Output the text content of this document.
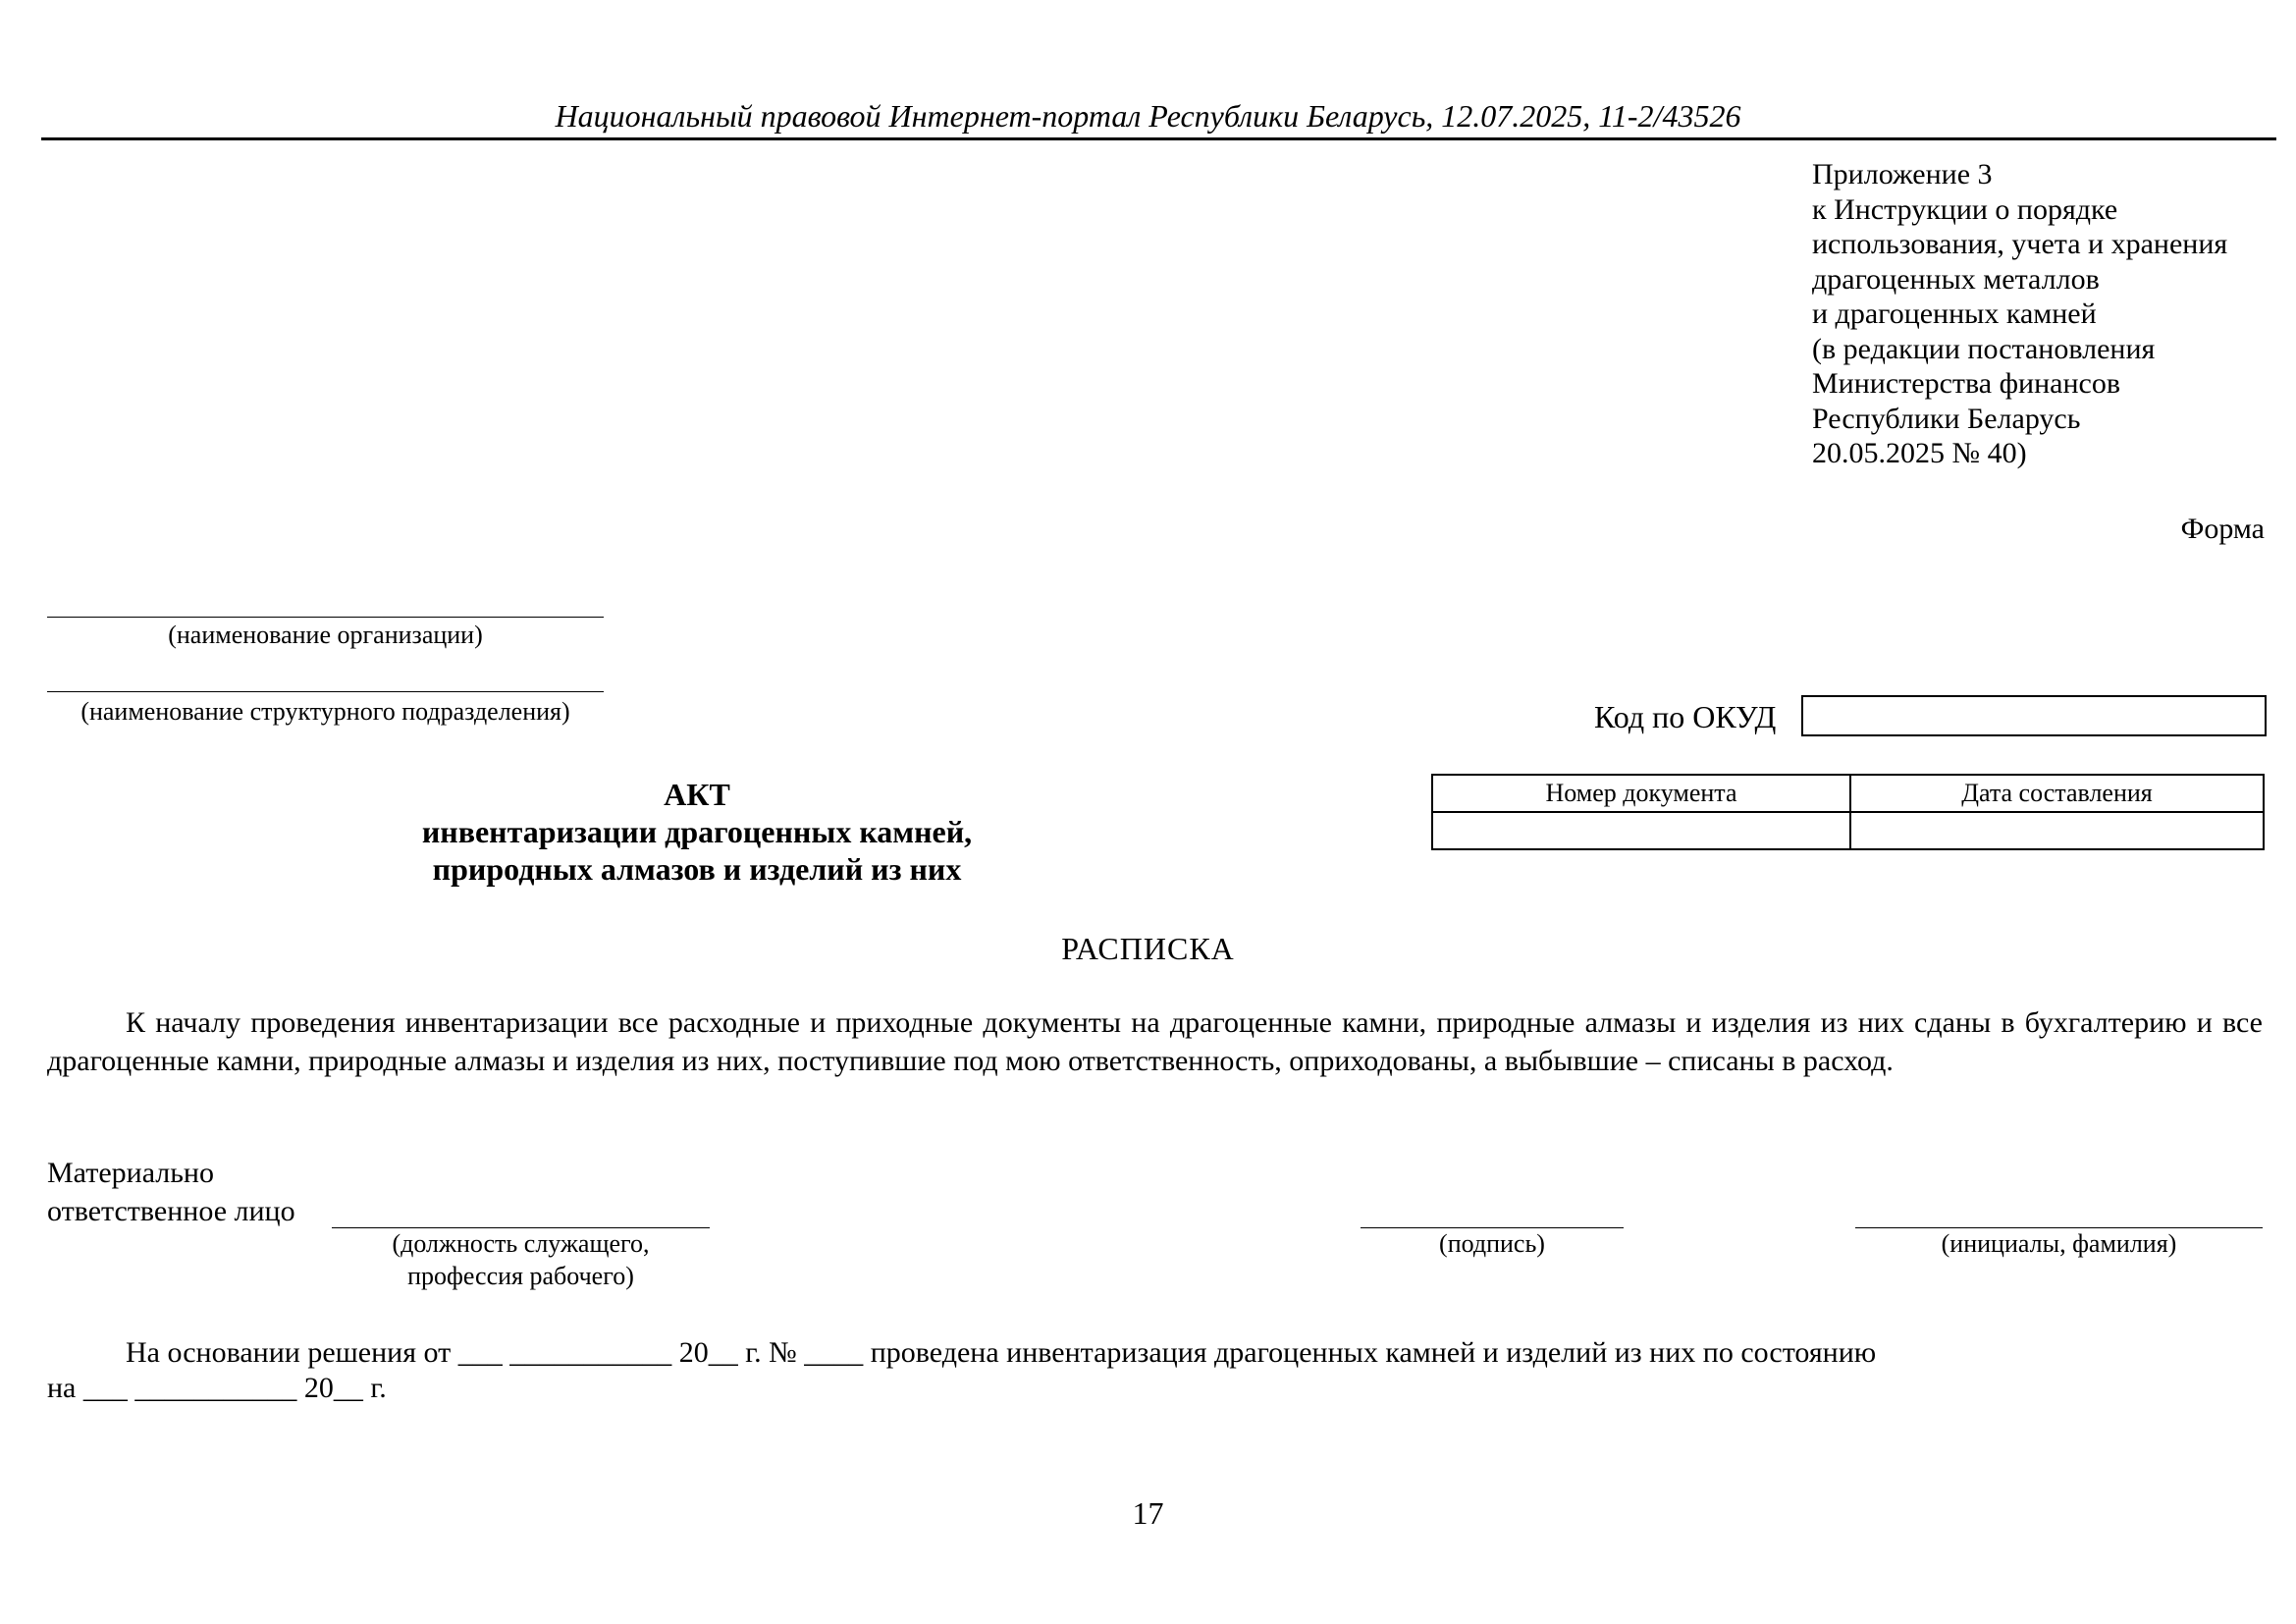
Национальный правовой Интернет-портал Республики Беларусь, 12.07.2025, 11-2/43526
Приложение 3
к Инструкции о порядке
использования, учета и хранения
драгоценных металлов
и драгоценных камней
(в редакции постановления
Министерства финансов
Республики Беларусь
20.05.2025 № 40)
Форма
(наименование организации)
(наименование структурного подразделения)	Код по ОКУД
Номер документа	Дата составления

АКТ
инвентаризации драгоценных камней,
природных алмазов и изделий из них
РАСПИСКА
К началу проведения инвентаризации все расходные и приходные документы на драгоценные камни, природные алмазы и изделия из них сданы в бухгалтерию и все драгоценные камни, природные алмазы и изделия из них, поступившие под мою ответственность, оприходованы, а выбывшие – списаны в расход.
Материально
ответственное лицо
(должность служащего,
профессия рабочего)
(подпись)	(инициалы, фамилия)
На основании решения от ___ ___________ 20__ г. № ____ проведена инвентаризация драгоценных камней и изделий из них по состоянию
на ___ ___________ 20__ г.
17
